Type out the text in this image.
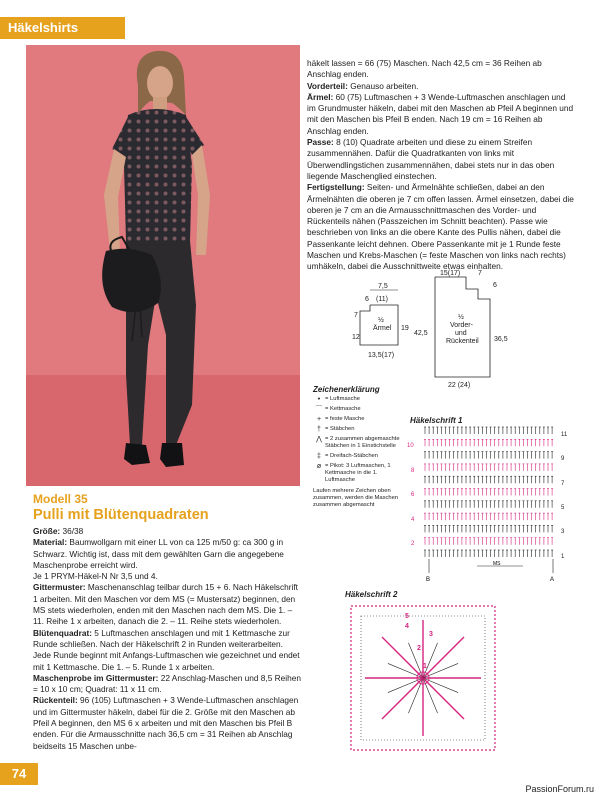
Häkelshirts
Modell 35
Pulli mit Blütenquadraten

Größe: 36/38

Material: Baumwollgarn mit einer LL von ca 125 m/50 g: ca 300 g in Schwarz. Wichtig ist, dass mit dem gewählten Garn die angegebene Maschenprobe erreicht wird.

Je 1 PRYM-Häkel-N Nr 3,5 und 4.

Gittermuster: Maschenanschlag teilbar durch 15 + 6. Nach Häkelschrift 1 arbeiten. Mit den Maschen vor dem MS (= Mustersatz) beginnen, den MS stets wiederholen, enden mit den Maschen nach dem MS. Die 1. – 11. Reihe 1 x arbeiten, danach die 2. – 11. Reihe stets wiederholen.

Blütenquadrat: 5 Luftmaschen anschlagen und mit 1 Kettmasche zur Runde schließen. Nach der Häkelschrift 2 in Runden weiterarbeiten. Jede Runde beginnt mit Anfangs-Luftmaschen wie gezeichnet und endet mit 1 Kettmasche. Die 1. – 5. Runde 1 x arbeiten.

Maschenprobe im Gittermuster: 22 Anschlag-Maschen und 8,5 Reihen = 10 x 10 cm; Quadrat: 11 x 11 cm.

Rückenteil: 96 (105) Luftmaschen + 3 Wende-Luftmaschen anschlagen und im Gittermuster häkeln, dabei für die 2. Größe mit den Maschen ab Pfeil A beginnen, den MS 6 x arbeiten und mit den Maschen bis Pfeil B enden. Für die Armausschnitte nach 36,5 cm = 31 Reihen ab Anschlag beidseits 15 Maschen unbe-

häkelt lassen = 66 (75) Maschen. Nach 42,5 cm = 36 Reihen ab Anschlag enden.

Vorderteil: Genauso arbeiten.

Ärmel: 60 (75) Luftmaschen + 3 Wende-Luftmaschen anschlagen und im Grundmuster häkeln, dabei mit den Maschen ab Pfeil A beginnen und mit den Maschen bis Pfeil B enden. Nach 19 cm = 16 Reihen ab Anschlag enden.

Passe: 8 (10) Quadrate arbeiten und diese zu einem Streifen zusammennähen. Dafür die Quadratkanten von links mit Überwendlingstichen zusammennähen, dabei stets nur in das oben liegende Maschenglied einstechen.

Fertigstellung: Seiten- und Ärmelnähte schließen, dabei an den Ärmelnähten die oberen je 7 cm offen lassen. Ärmel einsetzen, dabei die oberen je 7 cm an die Armausschnittmaschen des Vorder- und Rückenteils nähen (Passzeichen im Schnitt beachten). Passe wie beschrieben von links an die obere Kante des Pullis nähen, dabei die Passenkante leicht dehnen. Obere Passenkante mit je 1 Runde feste Maschen und Krebs-Maschen (= feste Maschen von links nach rechts) umhäkeln, dabei die Ausschnittweite etwas einhalten.

7,5
6 (11)
7
12
19
13,5(17)
½
Ärmel
15(17)	7
6
42,5
36,5
22 (24)
½
Vorder-
und
Rückenteil
Zeichenerklärung
• = Luftmasche
⌒ = Kettmasche
+ = feste Masche
† = Stäbchen
⋀ = 2 zusammen abgemaschte Stäbchen in 1 Einstichstelle
‡ = Dreifach-Stäbchen
ø = Pikot: 3 Luftmaschen, 1 Kettmasche in die 1. Luftmasche
Laufen mehrere Zeichen oben zusammen, werden die Maschen zusammen abgemascht
Häkelschrift 1
10
8
6
4
2
11
9
7
5
3
1
MS
B	A
Häkelschrift 2
1
2
3
4
5
74
PassionForum.ru
